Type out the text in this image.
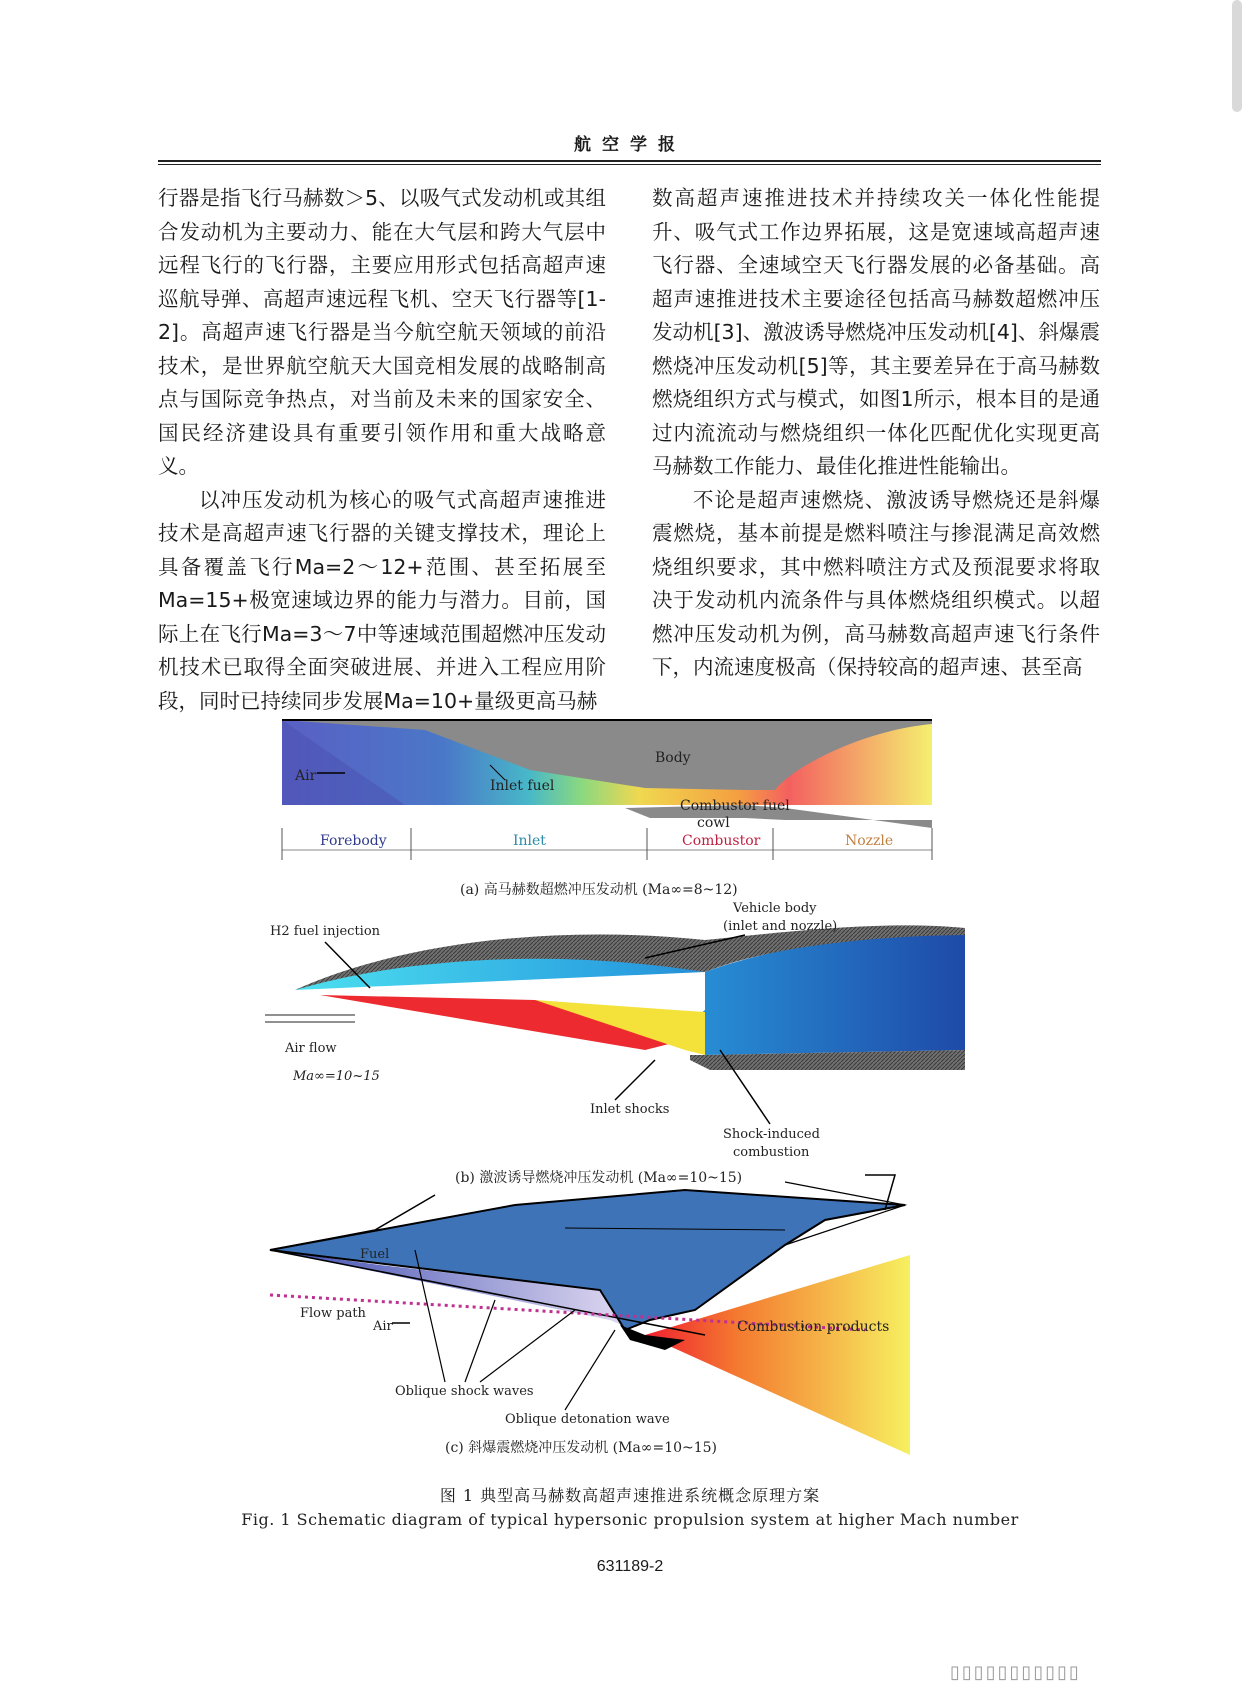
航空学报

行器是指飞行马赫数＞5、以吸气式发动机或其组合发动机为主要动力、能在大气层和跨大气层中远程飞行的飞行器，主要应用形式包括高超声速巡航导弹、高超声速远程飞机、空天飞行器等[1-2]。高超声速飞行器是当今航空航天领域的前沿技术，是世界航空航天大国竞相发展的战略制高点与国际竞争热点，对当前及未来的国家安全、国民经济建设具有重要引领作用和重大战略意义。

以冲压发动机为核心的吸气式高超声速推进技术是高超声速飞行器的关键支撑技术，理论上具备覆盖飞行Ma=2～12+范围、甚至拓展至Ma=15+极宽速域边界的能力与潜力。目前，国际上在飞行Ma=3～7中等速域范围超燃冲压发动机技术已取得全面突破进展、并进入工程应用阶段，同时已持续同步发展Ma=10+量级更高马赫

数高超声速推进技术并持续攻关一体化性能提升、吸气式工作边界拓展，这是宽速域高超声速飞行器、全速域空天飞行器发展的必备基础。高超声速推进技术主要途径包括高马赫数超燃冲压发动机[3]、激波诱导燃烧冲压发动机[4]、斜爆震燃烧冲压发动机[5]等，其主要差异在于高马赫数燃烧组织方式与模式，如图1所示，根本目的是通过内流流动与燃烧组织一体化匹配优化实现更高马赫数工作能力、最佳化推进性能输出。

不论是超声速燃烧、激波诱导燃烧还是斜爆震燃烧，基本前提是燃料喷注与掺混满足高效燃烧组织要求，其中燃料喷注方式及预混要求将取决于发动机内流条件与具体燃烧组织模式。以超燃冲压发动机为例，高马赫数高超声速飞行条件下，内流速度极高（保持较高的超声速、甚至高

Body
Air
Inlet fuel
Combustor fuel
cowl
Forebody	Inlet	Combustor	Nozzle
(a) 高马赫数超燃冲压发动机 (Ma∞=8~12)
H2 fuel injection
Vehicle body
(inlet and nozzle)
Air flow
Ma∞=10~15
Inlet shocks
Shock-induced
combustion
(b) 激波诱导燃烧冲压发动机 (Ma∞=10~15)
Fuel
Flow path
Air	Combustion products
Oblique shock waves
Oblique detonation wave
(c) 斜爆震燃烧冲压发动机 (Ma∞=10~15)
图 1 典型高马赫数高超声速推进系统概念原理方案
Fig. 1 Schematic diagram of typical hypersonic propulsion system at higher Mach number
631189-2
▯▯▯▯▯▯▯▯▯▯▯
